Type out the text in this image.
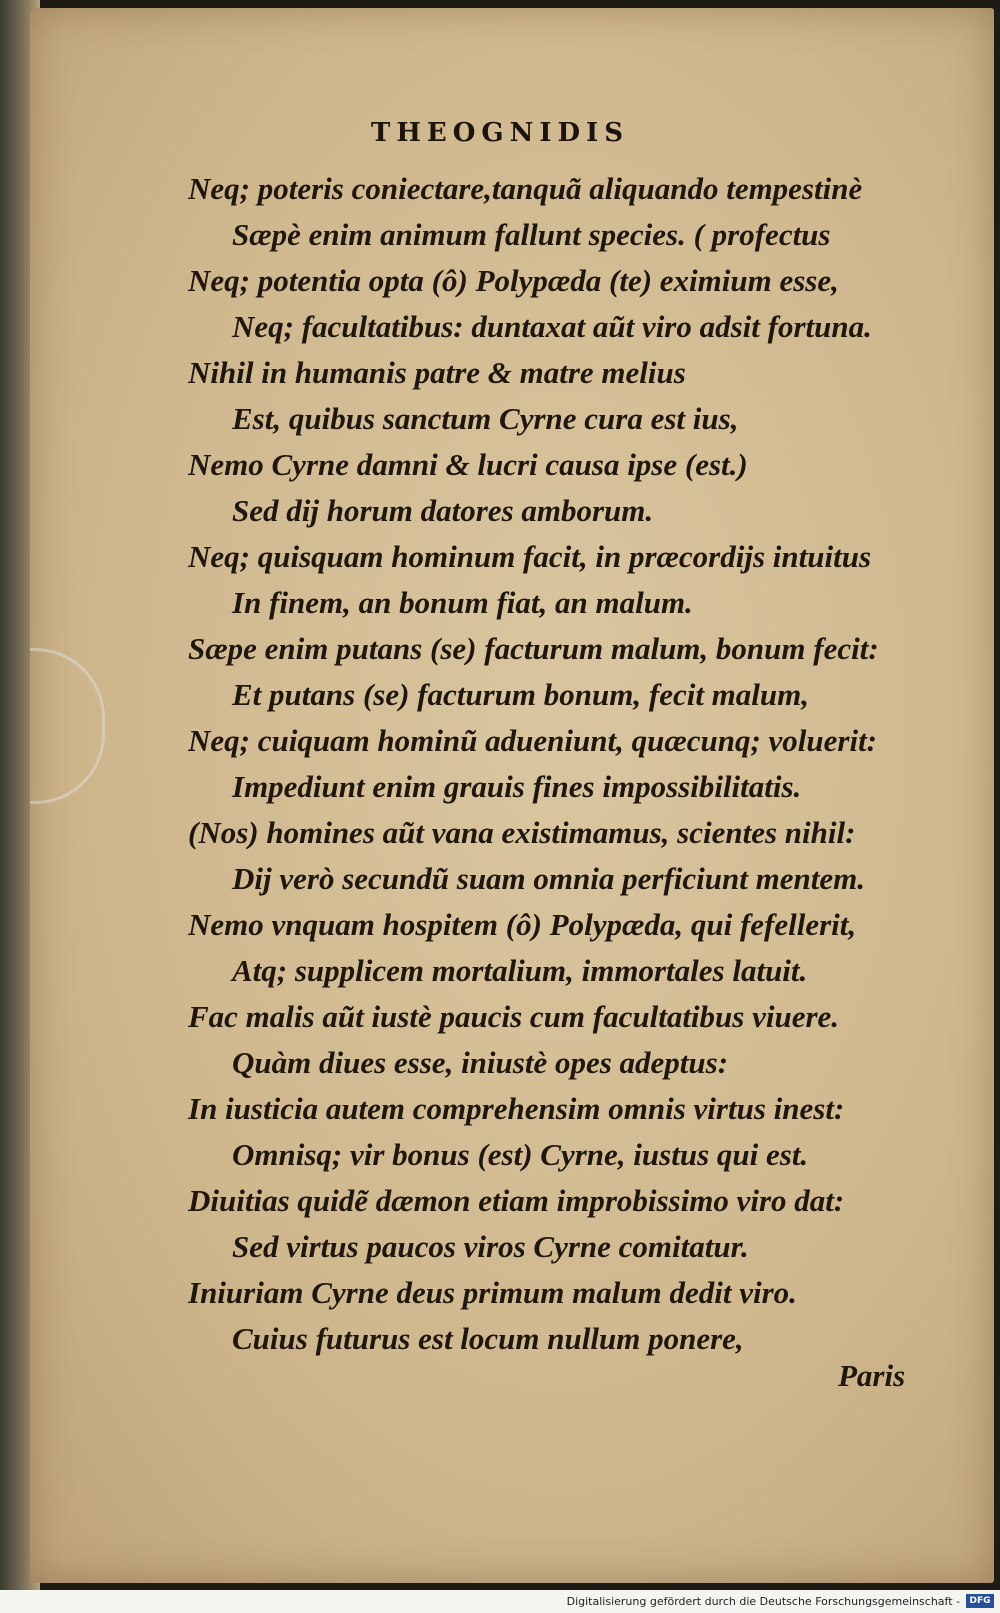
THEOGNIDIS
Neq; poteris coniectare,tanquã aliquando tempestinè
Sæpè enim animum fallunt species. ( profectus
Neq; potentia opta (ô) Polypæda (te) eximium esse,
Neq; facultatibus: duntaxat aũt viro adsit fortuna.
Nihil in humanis patre & matre melius
Est, quibus sanctum Cyrne cura est ius,
Nemo Cyrne damni & lucri causa ipse (est.)
Sed dij horum datores amborum.
Neq; quisquam hominum facit, in præcordijs intuitus
In finem, an bonum fiat, an malum.
Sæpe enim putans (se) facturum malum, bonum fecit:
Et putans (se) facturum bonum, fecit malum,
Neq; cuiquam hominũ adueniunt, quæcunq; voluerit:
Impediunt enim grauis fines impossibilitatis.
(Nos) homines aũt vana existimamus, scientes nihil:
Dij verò secundũ suam omnia perficiunt mentem.
Nemo vnquam hospitem (ô) Polypæda, qui fefellerit,
Atq; supplicem mortalium, immortales latuit.
Fac malis aũt iustè paucis cum facultatibus viuere.
Quàm diues esse, iniustè opes adeptus:
In iusticia autem comprehensim omnis virtus inest:
Omnisq; vir bonus (est) Cyrne, iustus qui est.
Diuitias quidẽ dæmon etiam improbissimo viro dat:
Sed virtus paucos viros Cyrne comitatur.
Iniuriam Cyrne deus primum malum dedit viro.
Cuius futurus est locum nullum ponere,
Paris
Digitalisierung gefördert durch die Deutsche Forschungsgemeinschaft -	DFG
